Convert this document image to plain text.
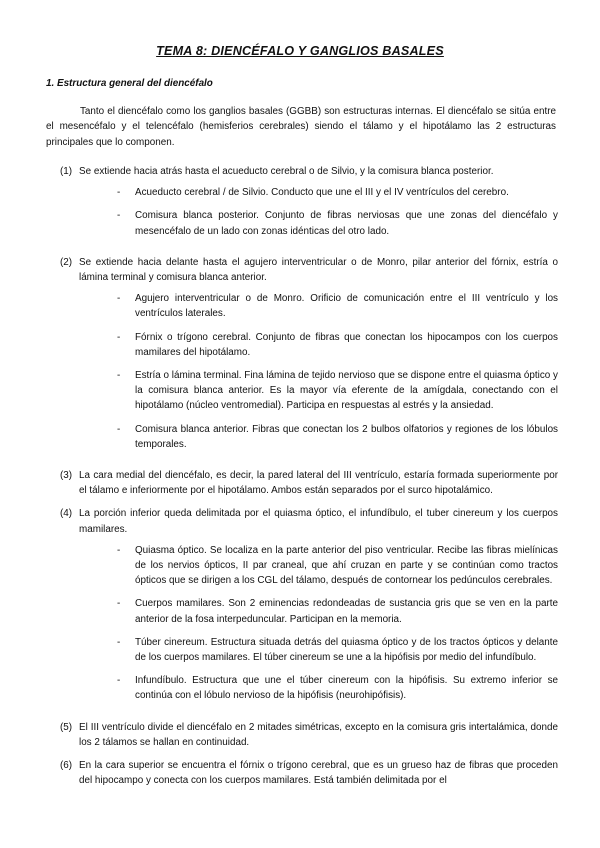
TEMA 8: DIENCÉFALO Y GANGLIOS BASALES
1. Estructura general del diencéfalo
Tanto el diencéfalo como los ganglios basales (GGBB) son estructuras internas. El diencéfalo se sitúa entre el mesencéfalo y el telencéfalo (hemisferios cerebrales) siendo el tálamo y el hipotálamo las 2 estructuras principales que lo componen.
(1) Se extiende hacia atrás hasta el acueducto cerebral o de Silvio, y la comisura blanca posterior.
-	Acueducto cerebral / de Silvio. Conducto que une el III y el IV ventrículos del cerebro.
-	Comisura blanca posterior. Conjunto de fibras nerviosas que une zonas del diencéfalo y mesencéfalo de un lado con zonas idénticas del otro lado.
(2) Se extiende hacia delante hasta el agujero interventricular o de Monro, pilar anterior del fórnix, estría o lámina terminal y comisura blanca anterior.
-	Agujero interventricular o de Monro. Orificio de comunicación entre el III ventrículo y los ventrículos laterales.
-	Fórnix o trígono cerebral. Conjunto de fibras que conectan los hipocampos con los cuerpos mamilares del hipotálamo.
-	Estría o lámina terminal. Fina lámina de tejido nervioso que se dispone entre el quiasma óptico y la comisura blanca anterior. Es la mayor vía eferente de la amígdala, conectando con el hipotálamo (núcleo ventromedial). Participa en respuestas al estrés y la ansiedad.
-	Comisura blanca anterior. Fibras que conectan los 2 bulbos olfatorios y regiones de los lóbulos temporales.
(3) La cara medial del diencéfalo, es decir, la pared lateral del III ventrículo, estaría formada superiormente por el tálamo e inferiormente por el hipotálamo. Ambos están separados por el surco hipotalámico.
(4) La porción inferior queda delimitada por el quiasma óptico, el infundíbulo, el tuber cinereum y los cuerpos mamilares.
-	Quiasma óptico. Se localiza en la parte anterior del piso ventricular. Recibe las fibras mielínicas de los nervios ópticos, II par craneal, que ahí cruzan en parte y se continúan como tractos ópticos que se dirigen a los CGL del tálamo, después de contornear los pedúnculos cerebrales.
-	Cuerpos mamilares. Son 2 eminencias redondeadas de sustancia gris que se ven en la parte anterior de la fosa interpeduncular. Participan en la memoria.
-	Túber cinereum. Estructura situada detrás del quiasma óptico y de los tractos ópticos y delante de los cuerpos mamilares. El túber cinereum se une a la hipófisis por medio del infundíbulo.
-	Infundíbulo. Estructura que une el túber cinereum con la hipófisis. Su extremo inferior se continúa con el lóbulo nervioso de la hipófisis (neurohipófisis).
(5) El III ventrículo divide el diencéfalo en 2 mitades simétricas, excepto en la comisura gris intertalámica, donde los 2 tálamos se hallan en continuidad.
(6) En la cara superior se encuentra el fórnix o trígono cerebral, que es un grueso haz de fibras que proceden del hipocampo y conecta con los cuerpos mamilares. Está también delimitada por el
